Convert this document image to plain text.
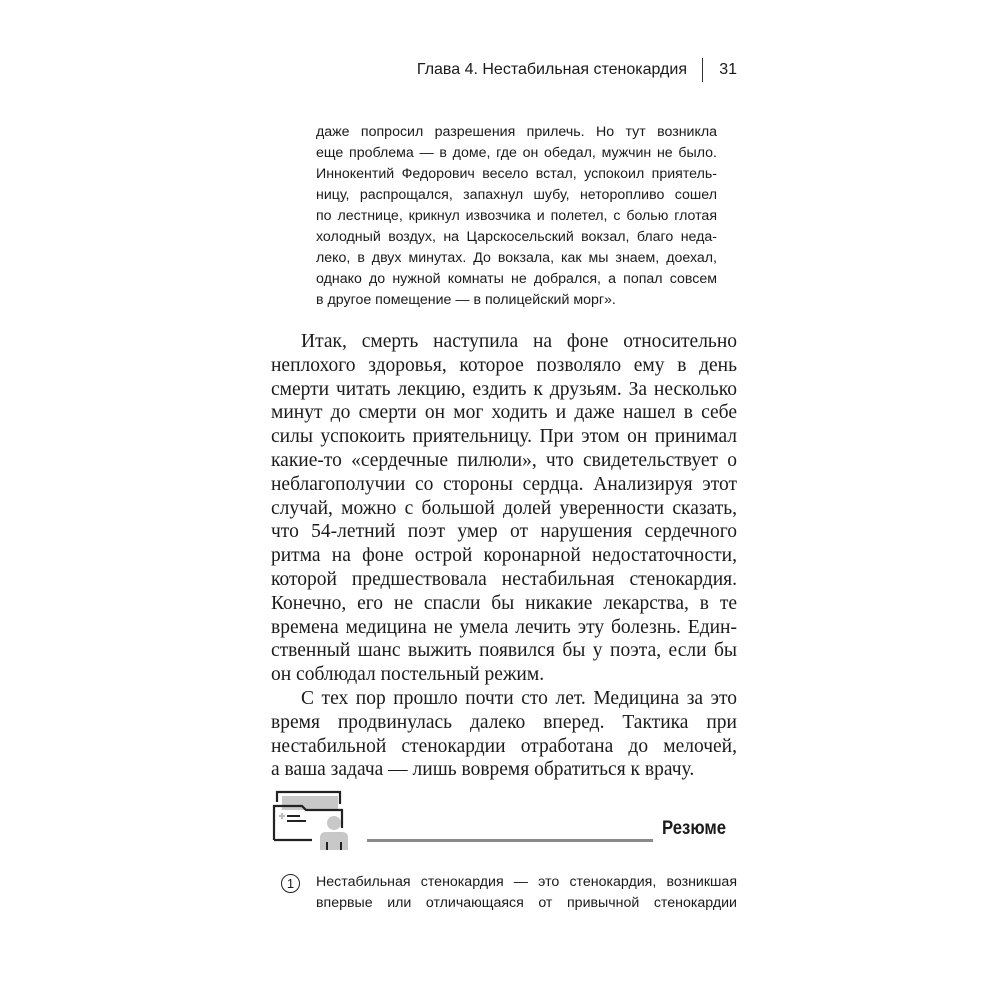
Глава 4. Нестабильная стенокардия 31
даже попросил разрешения прилечь. Но тут возникла
еще проблема — в доме, где он обедал, мужчин не было.
Иннокентий Федорович весело встал, успокоил приятель-
ницу, распрощался, запахнул шубу, неторопливо сошел
по лестнице, крикнул извозчика и полетел, с болью глотая
холодный воздух, на Царскосельский вокзал, благо неда-
леко, в двух минутах. До вокзала, как мы знаем, доехал,
однако до нужной комнаты не добрался, а попал совсем
в другое помещение — в полицейский морг».
Итак, смерть наступила на фоне относительно
неплохого здоровья, которое позволяло ему в день
смерти читать лекцию, ездить к друзьям. За несколько
минут до смерти он мог ходить и даже нашел в себе
силы успокоить приятельницу. При этом он принимал
какие-то «сердечные пилюли», что свидетельствует о
неблагополучии со стороны сердца. Анализируя этот
случай, можно с большой долей уверенности сказать,
что 54-летний поэт умер от нарушения сердечного
ритма на фоне острой коронарной недостаточности,
которой предшествовала нестабильная стенокардия.
Конечно, его не спасли бы никакие лекарства, в те
времена медицина не умела лечить эту болезнь. Един-
ственный шанс выжить появился бы у поэта, если бы
он соблюдал постельный режим.
С тех пор прошло почти сто лет. Медицина за это
время продвинулась далеко вперед. Тактика при
нестабильной стенокардии отработана до мелочей,
а ваша задача — лишь вовремя обратиться к врачу.
Резюме
1	Нестабильная стенокардия — это стенокардия, возникшая
впервые или отличающаяся от привычной стенокардии
